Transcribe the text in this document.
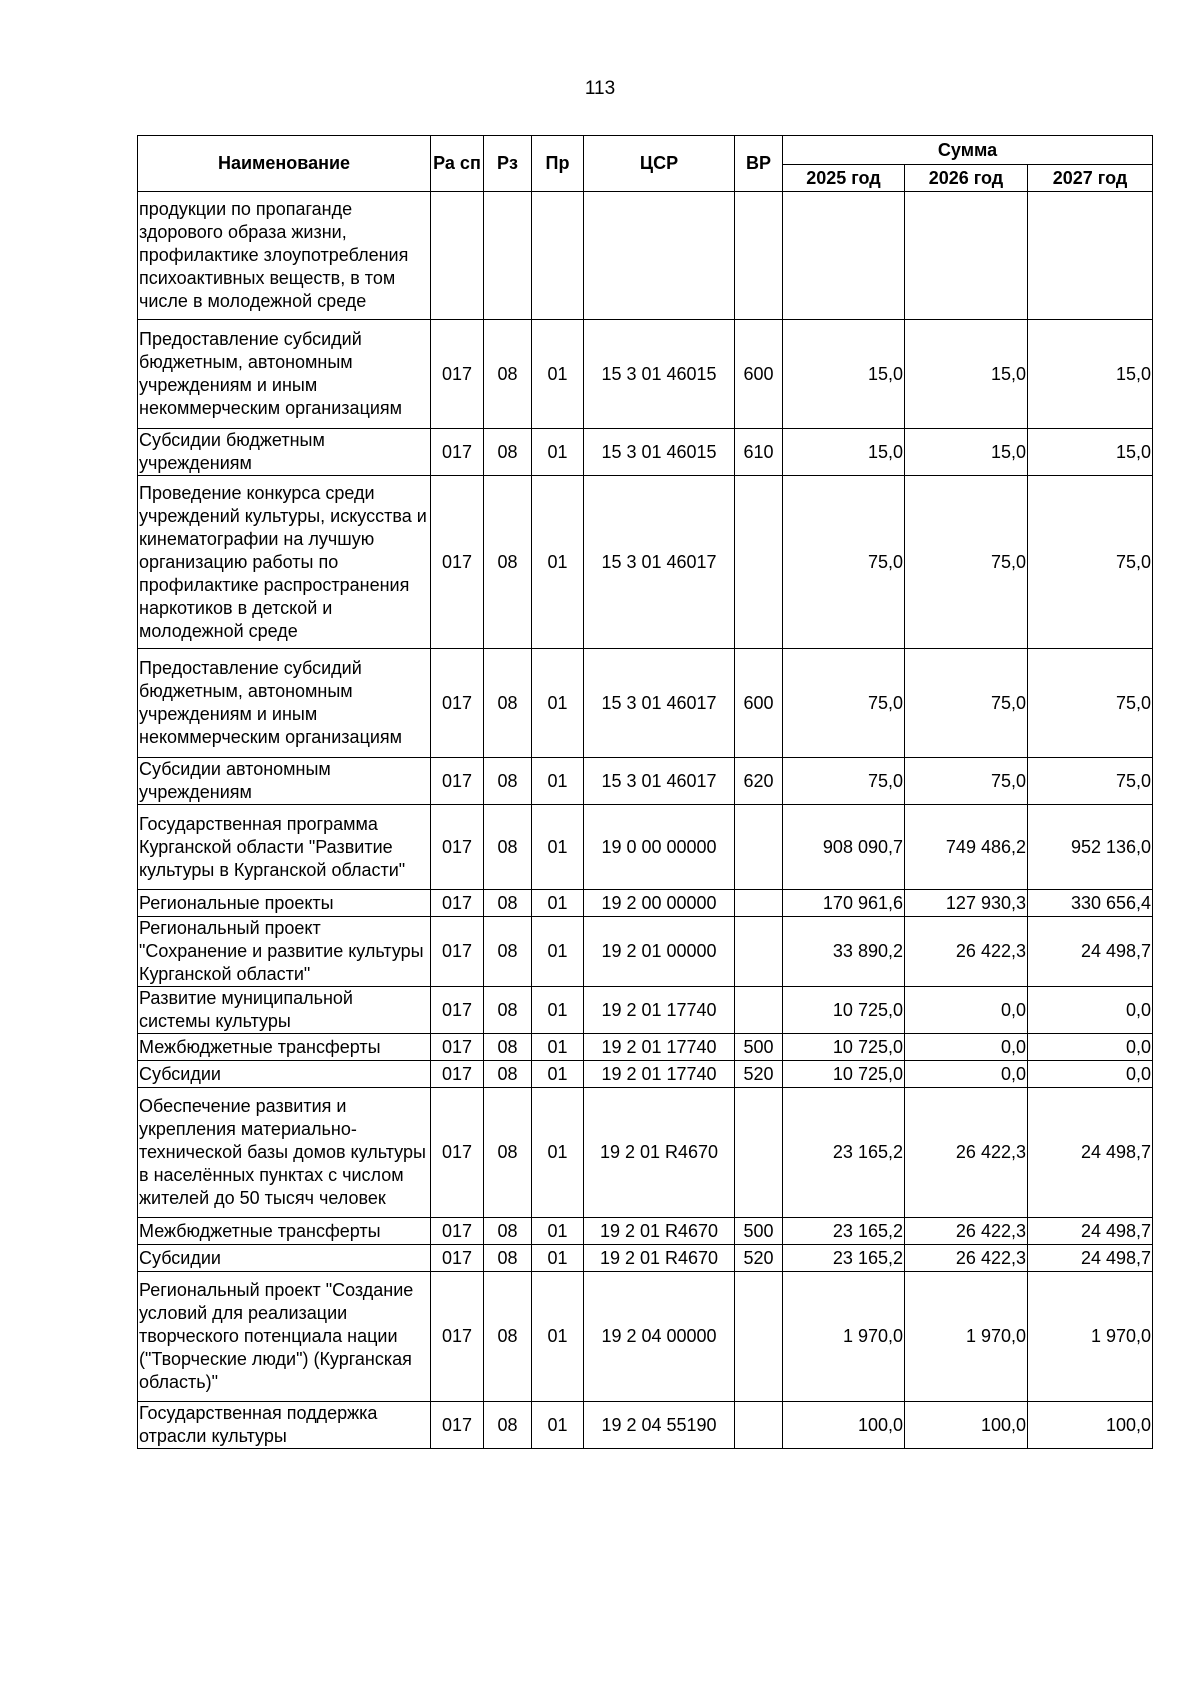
113
Наименование	Ра сп	Рз	Пр	ЦСР	ВР	Сумма		
						2025 год	2026 год	2027 год
продукции по пропаганде здорового образа жизни, профилактике злоупотребления психоактивных веществ, в том числе в молодежной среде								
Предоставление субсидий бюджетным, автономным учреждениям и иным некоммерческим организациям	017	08	01	15 3 01 46015	600	15,0	15,0	15,0
Субсидии бюджетным учреждениям	017	08	01	15 3 01 46015	610	15,0	15,0	15,0
Проведение конкурса среди учреждений культуры, искусства и кинематографии на лучшую организацию работы по профилактике распространения наркотиков в детской и молодежной среде	017	08	01	15 3 01 46017		75,0	75,0	75,0
Предоставление субсидий бюджетным, автономным учреждениям и иным некоммерческим организациям	017	08	01	15 3 01 46017	600	75,0	75,0	75,0
Субсидии автономным учреждениям	017	08	01	15 3 01 46017	620	75,0	75,0	75,0
Государственная программа Курганской области "Развитие культуры в Курганской области"	017	08	01	19 0 00 00000		908 090,7	749 486,2	952 136,0
Региональные проекты	017	08	01	19 2 00 00000		170 961,6	127 930,3	330 656,4
Региональный проект "Сохранение и развитие культуры Курганской области"	017	08	01	19 2 01 00000		33 890,2	26 422,3	24 498,7
Развитие муниципальной системы культуры	017	08	01	19 2 01 17740		10 725,0	0,0	0,0
Межбюджетные трансферты	017	08	01	19 2 01 17740	500	10 725,0	0,0	0,0
Субсидии	017	08	01	19 2 01 17740	520	10 725,0	0,0	0,0
Обеспечение развития и укрепления материально-технической базы домов культуры в населённых пунктах с числом жителей до 50 тысяч человек	017	08	01	19 2 01 R4670		23 165,2	26 422,3	24 498,7
Межбюджетные трансферты	017	08	01	19 2 01 R4670	500	23 165,2	26 422,3	24 498,7
Субсидии	017	08	01	19 2 01 R4670	520	23 165,2	26 422,3	24 498,7
Региональный проект "Создание условий для реализации творческого потенциала нации ("Творческие люди") (Курганская область)"	017	08	01	19 2 04 00000		1 970,0	1 970,0	1 970,0
Государственная поддержка отрасли культуры	017	08	01	19 2 04 55190		100,0	100,0	100,0
